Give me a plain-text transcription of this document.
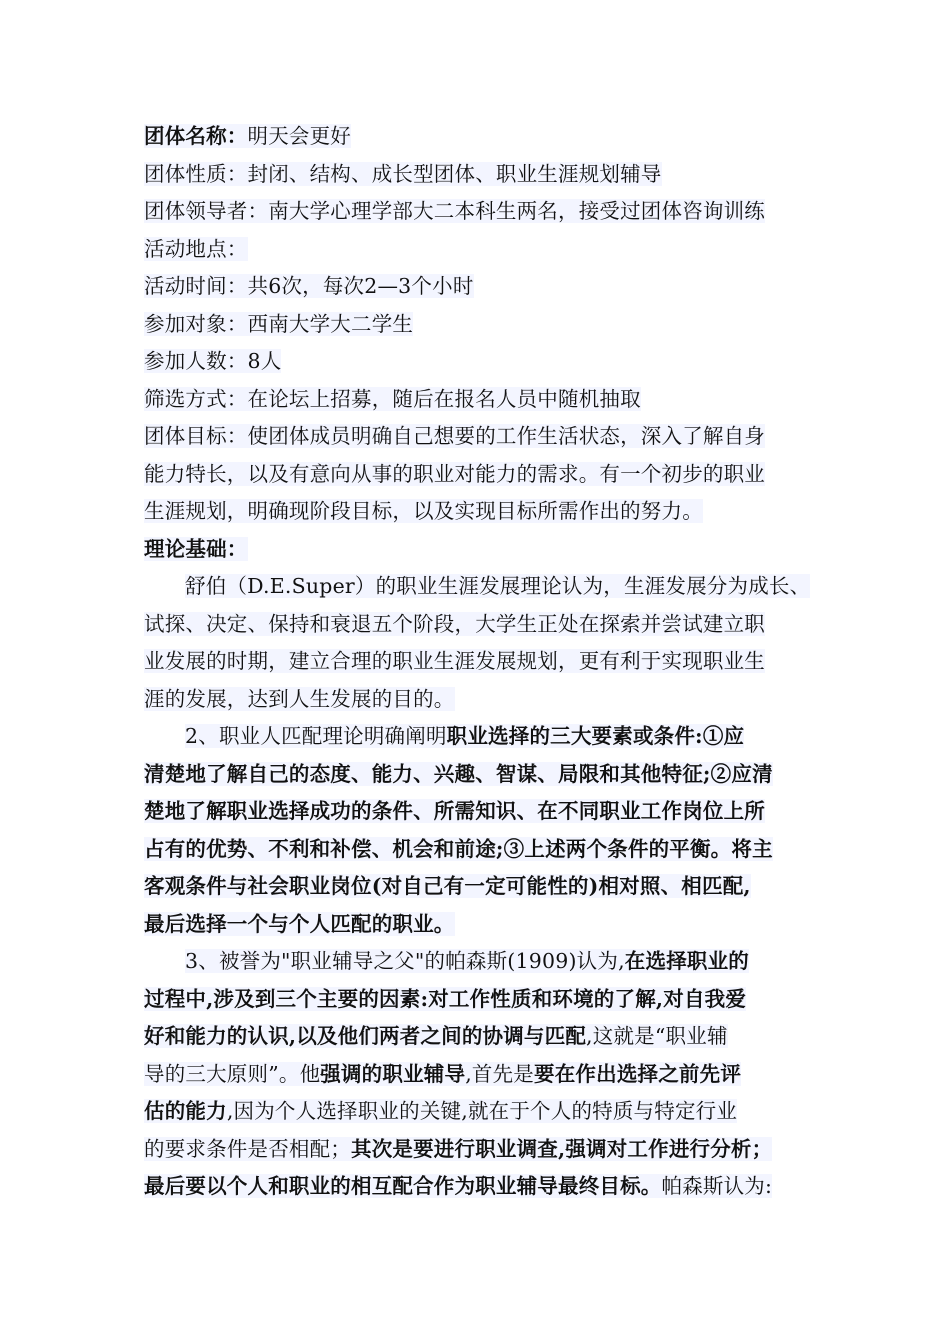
团体名称：明天会更好
团体性质：封闭、结构、成长型团体、职业生涯规划辅导
团体领导者：南大学心理学部大二本科生两名，接受过团体咨询训练
活动地点：
活动时间：共6次，每次2—3个小时
参加对象：西南大学大二学生
参加人数：8人
筛选方式：在论坛上招募，随后在报名人员中随机抽取
团体目标：使团体成员明确自己想要的工作生活状态，深入了解自身
能力特长，以及有意向从事的职业对能力的需求。有一个初步的职业
生涯规划，明确现阶段目标，以及实现目标所需作出的努力。
理论基础：
舒伯（D.E.Super）的职业生涯发展理论认为，生涯发展分为成长、
试探、决定、保持和衰退五个阶段，大学生正处在探索并尝试建立职
业发展的时期，建立合理的职业生涯发展规划，更有利于实现职业生
涯的发展，达到人生发展的目的。
2、职业人匹配理论明确阐明职业选择的三大要素或条件:①应
清楚地了解自己的态度、能力、兴趣、智谋、局限和其他特征;②应清
楚地了解职业选择成功的条件、所需知识、在不同职业工作岗位上所
占有的优势、不利和补偿、机会和前途;③上述两个条件的平衡。将主
客观条件与社会职业岗位(对自己有一定可能性的)相对照、相匹配,
最后选择一个与个人匹配的职业。
3、被誉为"职业辅导之父"的帕森斯(1909)认为,在选择职业的
过程中,涉及到三个主要的因素:对工作性质和环境的了解,对自我爱
好和能力的认识,以及他们两者之间的协调与匹配,这就是“职业辅
导的三大原则”。他强调的职业辅导,首先是要在作出选择之前先评
估的能力,因为个人选择职业的关键,就在于个人的特质与特定行业
的要求条件是否相配；其次是要进行职业调查,强调对工作进行分析；
最后要以个人和职业的相互配合作为职业辅导最终目标。帕森斯认为:
